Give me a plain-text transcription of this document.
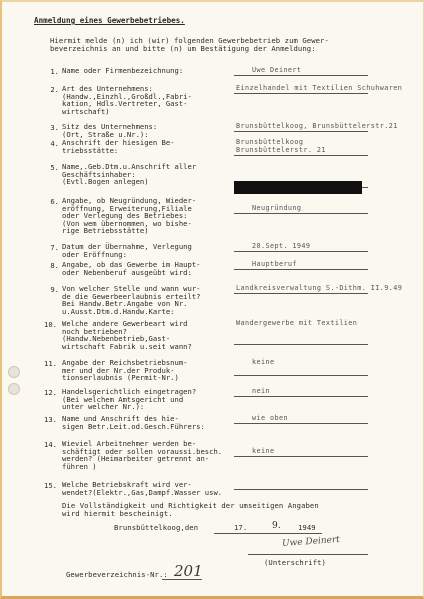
Anmeldung eines Gewerbebetriebes.
Hiermit melde (n) ich (wir) folgenden Gewerbebetrieb zum Gewer-
beverzeichnis an und bitte (n) um Bestätigung der Anmeldung:
1. Name oder Firmenbezeichnung:	Uwe Deinert
2. Art des Unternehmens:
(Handw.,Einzhl.,Großdl.,Fabri-
kation, Hdls.Vertreter, Gast-
wirtschaft)
Einzelhandel mit Textilien Schuhwaren
3. Sitz des Unternehmens:
(Ort, Straße u.Nr.):
Brunsbüttelkoog, Brunsbüttelerstr.21
4. Anschrift der hiesigen Be-
triebsstätte:
Brunsbüttelkoog
Brunsbüttelerstr. 21
5. Name,.Geb.Dtm.u.Anschrift aller
Geschäftsinhaber:
(Evtl.Bogen anlegen)
6. Angabe, ob Neugründung, Wieder-
eröffnung, Erweiterung,Filiale
oder Verlegung des Betriebes:
(Von wem übernommen, wo bishe-
rige Betriebsstätte)
Neugründung
7. Datum der Übernahme, Verlegung
oder Eröffnung:
20.Sept. 1949
8. Angabe, ob das Gewerbe im Haupt-
oder Nebenberuf ausgeübt wird:
Hauptberuf
9. Von welcher Stelle und wann wur-
de die Gewerbeerlaubnis erteilt?
Bei Handw.Betr.Angabe von Nr.
u.Ausst.Dtm.d.Handw.Karte:
Landkreisverwaltung S.-Dithm. II.9.49
10. Welche andere Gewerbeart wird
noch betrieben?
(Handw.Nebenbetrieb,Gast-
wirtschaft Fabrik u.seit wann?
Wandergewerbe mit Textilien
11. Angabe der Reichsbetriebsnum-
mer und der Nr.der Produk-
tionserlaubnis (Permit-Nr.)
keine
12. Handelsgerichtlich eingetragen?
(Bei welchem Amtsgericht und
unter welcher Nr.):
nein
13. Name und Anschrift des hie-
sigen Betr.Leit.od.Gesch.Führers:
wie oben
14. Wieviel Arbeitnehmer werden be-
schäftigt oder sollen voraussi.besch.
werden? (Heimarbeiter getrennt an-
führen )
keine
15. Welche Betriebskraft wird ver-
wendet?(Elektr.,Gas,Dampf.Wasser usw.
Die Vollständigkeit und Richtigkeit der umseitigen Angaben
wird hiermit bescheinigt.
Brunsbüttelkoog,den	17.	9. 1949
Uwe Deinert
(Unterschrift)
Gewerbeverzeichnis-Nr.: 201
